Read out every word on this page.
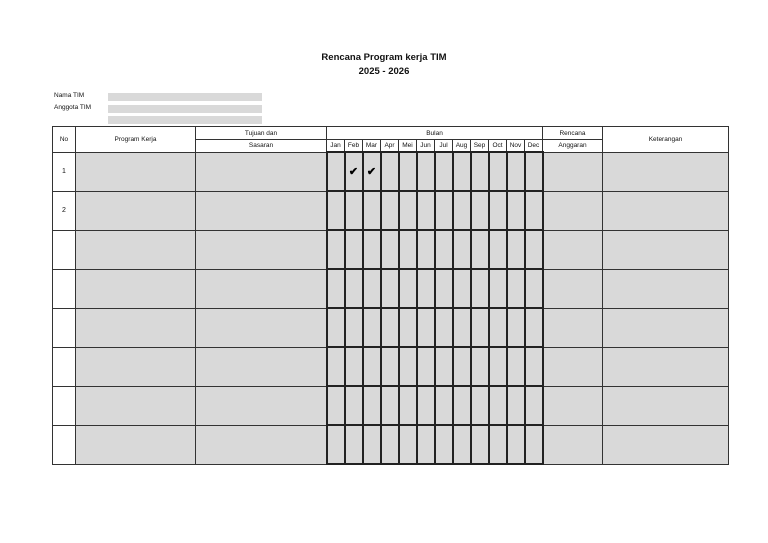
Rencana Program kerja TIM
2025 - 2026
Nama TIM
Anggota TIM
No	Program Kerja	Tujuan dan	Bulan												Rencana	Keterangan
		Sasaran	Jan	Feb	Mar	Apr	Mei	Jun	Jul	Aug	Sep	Oct	Nov	Dec	Anggaran	
1				✔	✔											
2																
